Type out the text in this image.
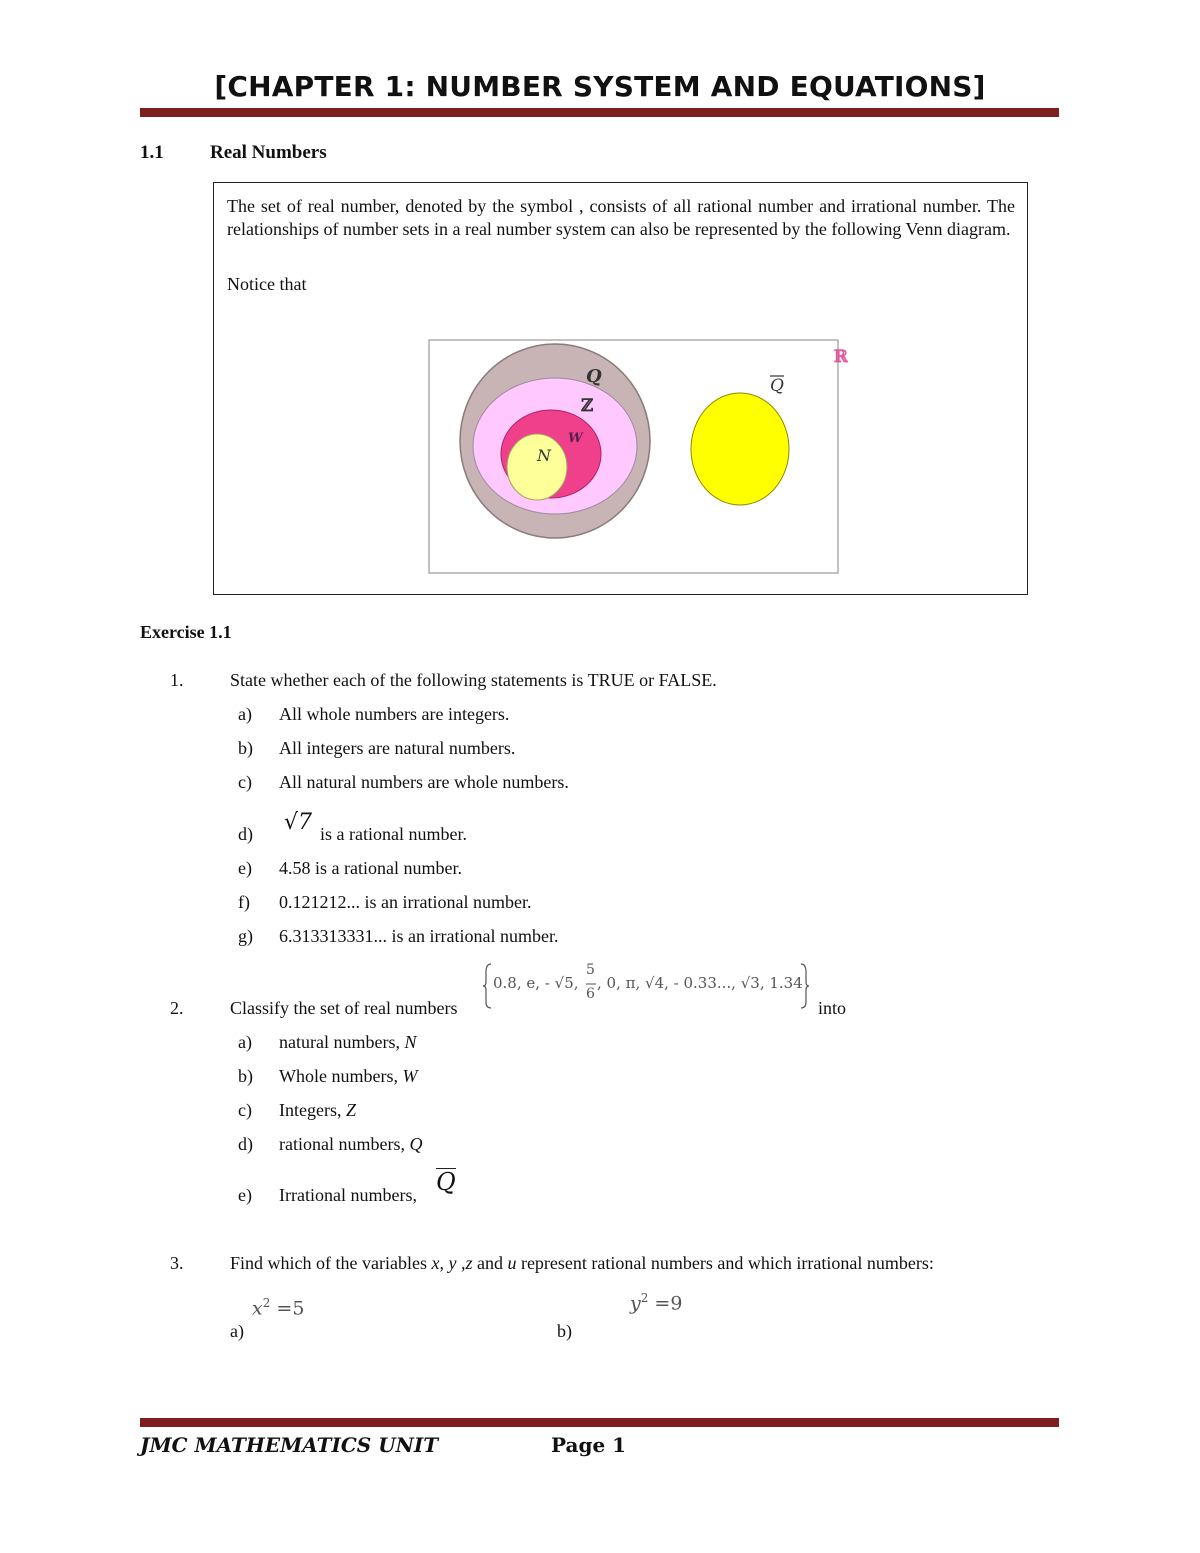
[CHAPTER 1: NUMBER SYSTEM AND EQUATIONS]
1.1 Real Numbers
The set of real number, denoted by the symbol , consists of all rational number and irrational number. The relationships of number sets in a real number system can also be represented by the following Venn diagram.
Notice that
ℝ
Q
ℤ
W
N
Q
Exercise 1.1
1.	State whether each of the following statements is TRUE or FALSE.
a) All whole numbers are integers.
b) All integers are natural numbers.
c) All natural numbers are whole numbers.
d) √7 is a rational number.
e) 4.58 is a rational number.
f) 0.121212... is an irrational number.
g) 6.313313331... is an irrational number.
2.	Classify the set of real numbers
0.8, e, - √5,
5
6
, 0, π, √4, - 0.33..., √3, 1.34
into
a) natural numbers, N
b) Whole numbers, W
c) Integers, Z
d) rational numbers, Q
e) Irrational numbers, Q
3.	Find which of the variables x, y ,z and u represent rational numbers and which irrational numbers:
a)
$x^2 =5$
b)
$y^2 =9$
JMC MATHEMATICS UNIT	Page 1
